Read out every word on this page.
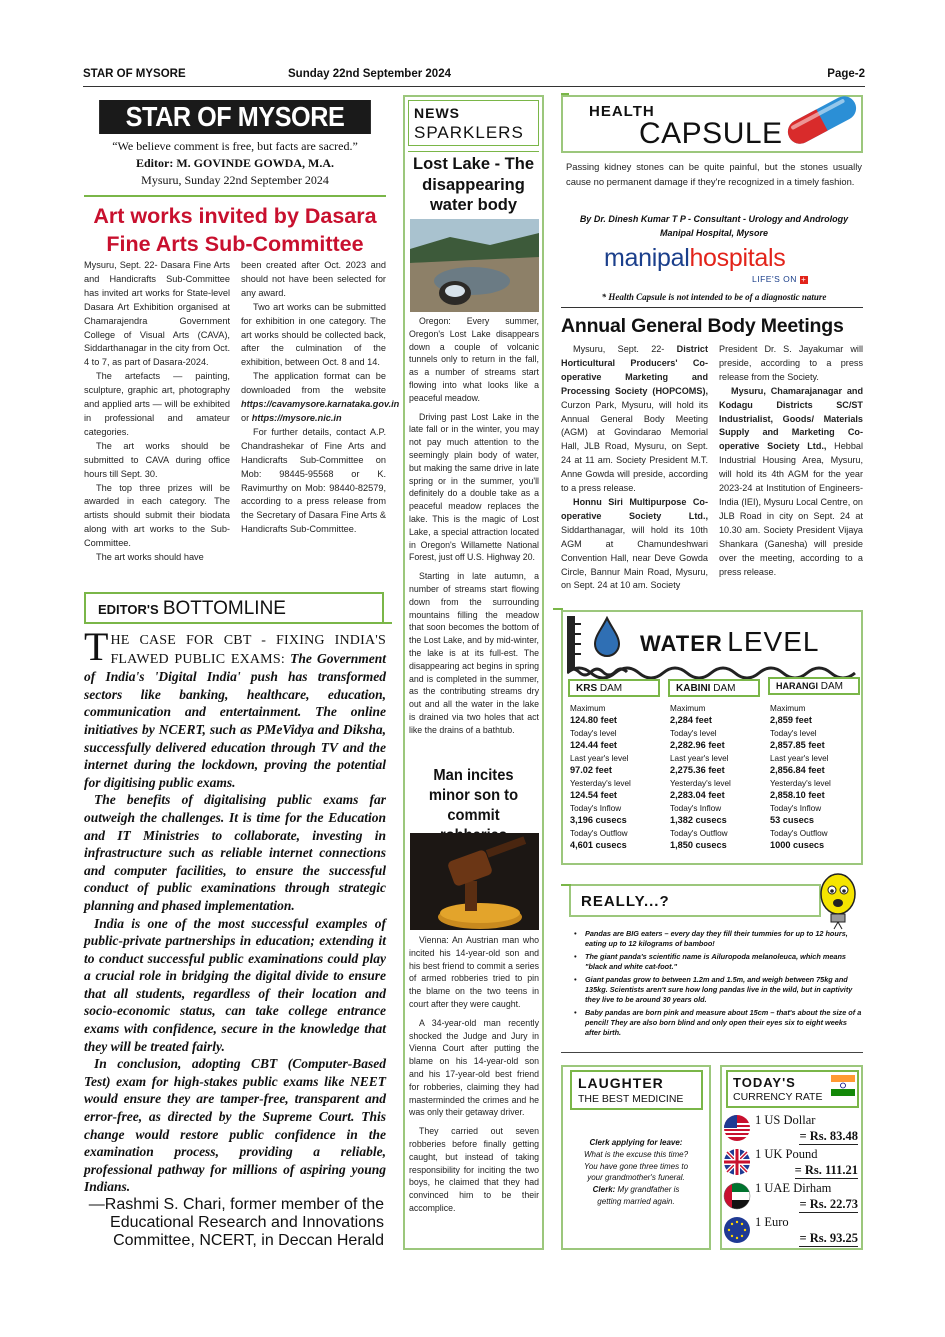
STAR OF MYSORE	Sunday 22nd September 2024	Page-2
STAR OF MYSORE
“We believe comment is free, but facts are sacred.”
Editor: M. GOVINDE GOWDA, M.A.
Mysuru, Sunday 22nd September 2024
Art works invited by Dasara
Fine Arts Sub-Committee

Mysuru, Sept. 22- Dasara Fine Arts and Handicrafts Sub-Committee has invited art works for State-level Dasara Art Exhibition organised at Chamarajendra Government College of Visual Arts (CAVA), Siddarthanagar in the city from Oct. 4 to 7, as part of Dasara-2024.

The artefacts — painting, sculpture, graphic art, photography and applied arts — will be exhibited in professional and amateur categories.

The art works should be submitted to CAVA during office hours till Sept. 30.

The top three prizes will be awarded in each category. The artists should submit their biodata along with art works to the Sub-Committee.

The art works should have

been created after Oct. 2023 and should not have been selected for any award.

Two art works can be submitted for exhibition in one category. The art works should be collected back, after the culmination of the exhibition, between Oct. 8 and 14.

The application format can be downloaded from the website https://cavamysore.karnataka.gov.in or https://mysore.nic.in

For further details, contact A.P. Chandrashekar of Fine Arts and Handicrafts Sub-Committee on Mob: 98445-95568 or K. Ravimurthy on Mob: 98440-82579, according to a press release from the Secretary of Dasara Fine Arts & Handicrafts Sub-Committee.

EDITOR'S BOTTOMLINE
T HE CASE FOR CBT - FIXING INDIA'S FLAWED PUBLIC EXAMS: The Government of India's 'Digital India' push has transformed sectors like banking, healthcare, education, communication and entertainment. The online initiatives by NCERT, such as PMeVidya and Diksha, successfully delivered education through TV and the internet during the lockdown, proving the potential for digitising public exams.

The benefits of digitalising public exams far outweigh the challenges. It is time for the Education and IT Ministries to collaborate, investing in infrastructure such as reliable internet connections and computer facilities, to ensure the successful conduct of public examinations through strategic planning and phased implementation.

India is one of the most successful examples of public-private partnerships in education; extending it to conduct successful public examinations could play a crucial role in bridging the digital divide to ensure that all students, regardless of their location and socio-economic status, can take college entrance exams with confidence, secure in the knowledge that they will be treated fairly.

In conclusion, adopting CBT (Computer-Based Test) exam for high-stakes public exams like NEET would ensure they are tamper-free, transparent and error-free, as directed by the Supreme Court. This change would restore public confidence in the examination process, providing a reliable, professional pathway for millions of aspiring young Indians.

—Rashmi S. Chari, former member of the
Educational Research and Innovations
Committee, NCERT, in Deccan Herald
NEWS
SPARKLERS
Lost Lake - The disappearing water body

Oregon: Every summer, Oregon's Lost Lake disappears down a couple of volcanic tunnels only to return in the fall, as a number of streams start flowing into what looks like a peaceful meadow.

Driving past Lost Lake in the late fall or in the winter, you may not pay much attention to the seemingly plain body of water, but making the same drive in late spring or in the summer, you'll definitely do a double take as a peaceful meadow replaces the lake. This is the magic of Lost Lake, a special attraction located in Oregon's Willamette National Forest, just off U.S. Highway 20.

Starting in late autumn, a number of streams start flowing down from the surrounding mountains filling the meadow that soon becomes the bottom of the Lost Lake, and by mid-winter, the lake is at its full-est. The disappearing act begins in spring and is completed in the summer, as the contributing streams dry out and all the water in the lake is drained via two holes that act like the drains of a bathtub.

Man incites minor son to commit

Vienna: An Austrian man who incited his 14-year-old son and his best friend to commit a series of armed robberies tried to pin the blame on the two teens in court after they were caught.

A 34-year-old man recently shocked the Judge and Jury in Vienna Court after putting the blame on his 14-year-old son and his 17-year-old best friend for robberies, claiming they had masterminded the crimes and he was only their getaway driver.

They carried out seven robberies before finally getting caught, but instead of taking responsibility for inciting the two boys, he claimed that they had convinced him to be their accomplice.

HEALTH
CAPSULE
Passing kidney stones can be quite painful, but the stones usually cause no permanent damage if they're recognized in a timely fashion.
By Dr. Dinesh Kumar T P - Consultant - Urology and Andrology
Manipal Hospital, Mysore
manipalhospitals
LIFE'S ON +
* Health Capsule is not intended to be of a diagnostic nature
Annual General Body Meetings

Mysuru, Sept. 22- District Horticultural Producers' Co-operative Marketing and Processing Society (HOPCOMS), Curzon Park, Mysuru, will hold its Annual General Body Meeting (AGM) at Govindarao Memorial Hall, JLB Road, Mysuru, on Sept. 24 at 11 am. Society President M.T. Anne Gowda will preside, according to a press release.

Honnu Siri Multipurpose Co-operative Society Ltd., Siddarthanagar, will hold its 10th AGM at Chamundeshwari Convention Hall, near Deve Gowda Circle, Bannur Main Road, Mysuru, on Sept. 24 at 10 am. Society

President Dr. S. Jayakumar will preside, according to a press release from the Society.

Mysuru, Chamarajanagar and Kodagu Districts SC/ST Industrialist, Goods/ Materials Supply and Marketing Co-operative Society Ltd., Hebbal Industrial Housing Area, Mysuru, will hold its 4th AGM for the year 2023-24 at Institution of Engineers-India (IEI), Mysuru Local Centre, on JLB Road in city on Sept. 24 at 10.30 am. Society President Vijaya Shankara (Ganesha) will preside over the meeting, according to a press release.

WATER LEVEL
KRS DAM
Maximum
124.80 feet
Today's level
124.44 feet
Last year's level
97.02 feet
Yesterday's level
124.54 feet
Today's Inflow
3,196 cusecs
Today's Outflow
4,601 cusecs
KABINI DAM
Maximum
2,284 feet
Today's level
2,282.96 feet
Last year's level
2,275.36 feet
Yesterday's level
2,283.04 feet
Today's Inflow
1,382 cusecs
Today's Outflow
1,850 cusecs
HARANGI DAM
Maximum
2,859 feet
Today's level
2,857.85 feet
Last year's level
2,856.84 feet
Yesterday's level
2,858.10 feet
Today's Inflow
53 cusecs
Today's Outflow
1000 cusecs
REALLY...?
• Pandas are BIG eaters – every day they fill their tummies for up to 12 hours, eating up to 12 kilograms of bamboo!
• The giant panda's scientific name is Ailuropoda melanoleuca, which means "black and white cat-foot."
• Giant pandas grow to between 1.2m and 1.5m, and weigh between 75kg and 135kg. Scientists aren't sure how long pandas live in the wild, but in captivity they live to be around 30 years old.
• Baby pandas are born pink and measure about 15cm – that's about the size of a pencil! They are also born blind and only open their eyes six to eight weeks after birth.
LAUGHTER
THE BEST MEDICINE
Clerk applying for leave:
What is the excuse this time?
You have gone three times to
your grandmother's funeral.
Clerk: My grandfather is
getting married again.
TODAY'S
CURRENCY RATE
1 US Dollar
= Rs. 83.48
1 UK Pound
= Rs. 111.21
1 UAE Dirham
= Rs. 22.73
1 Euro
= Rs. 93.25
